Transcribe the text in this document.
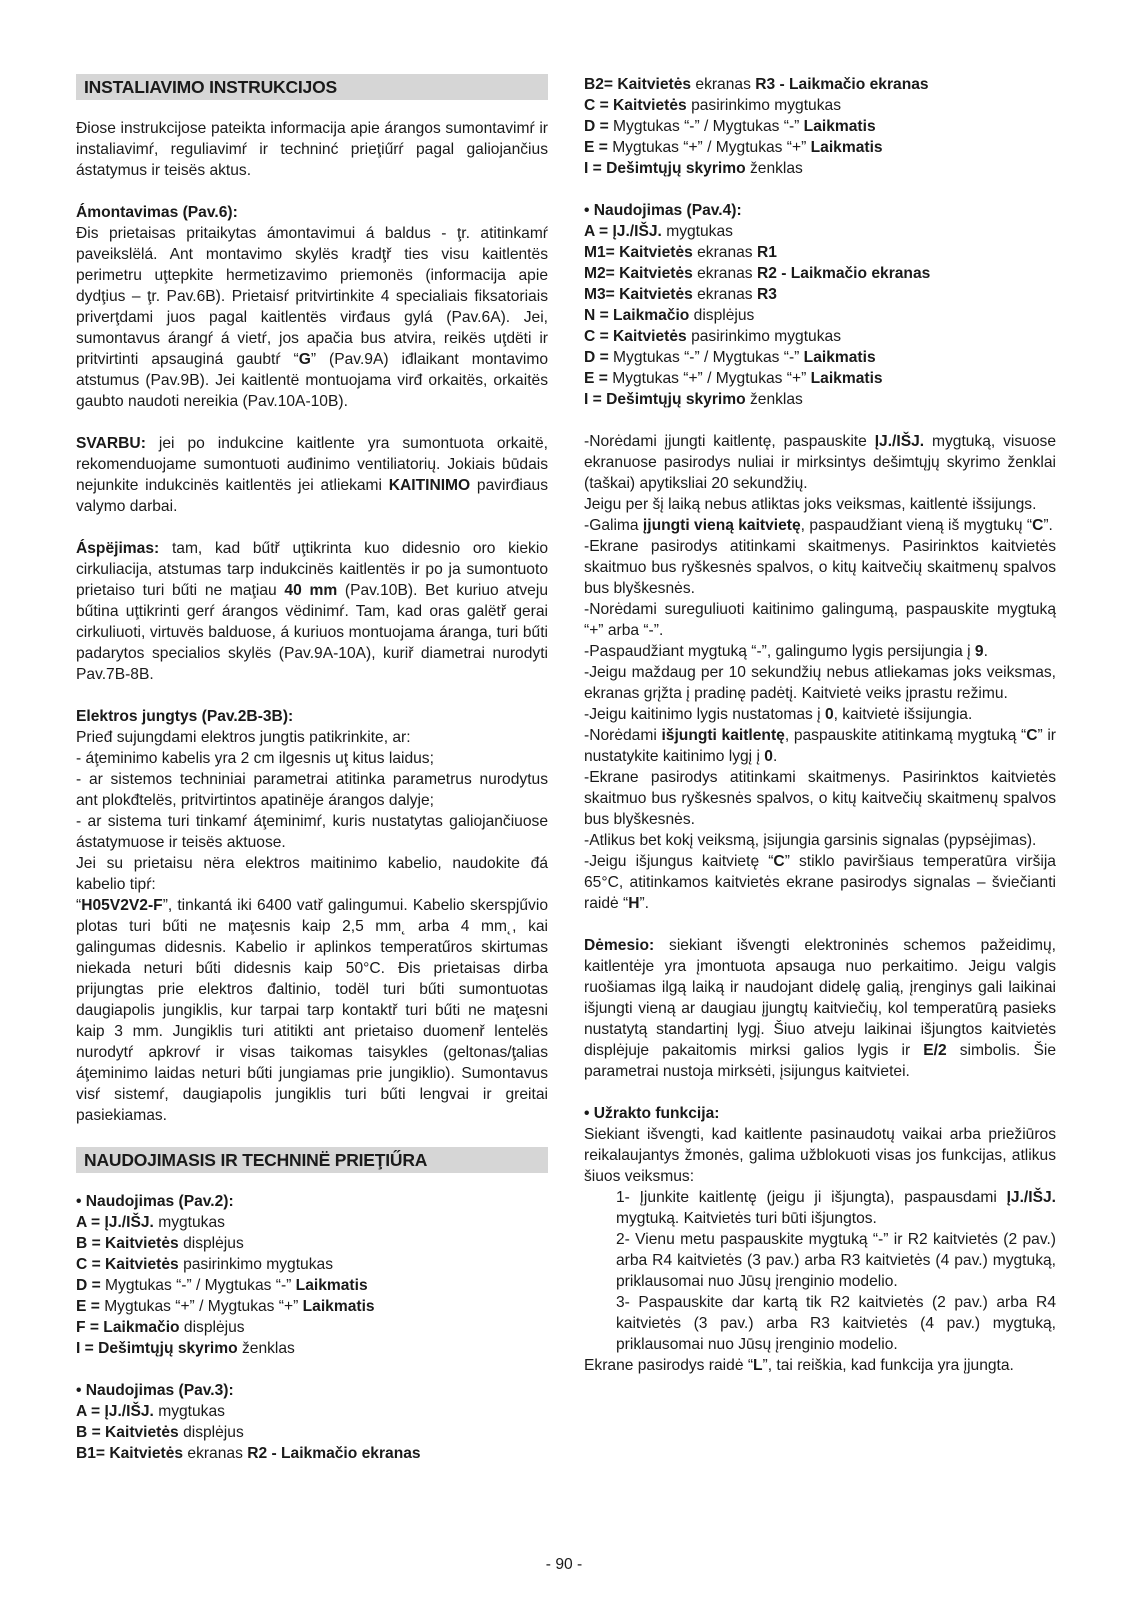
INSTALIAVIMO INSTRUKCIJOS

Điose instrukcijose pateikta informacija apie árangos sumontavimŕ ir instaliavimŕ, reguliavimŕ ir techninć prieţiűrŕ pagal galiojančius ástatymus ir teisës aktus.

Ámontavimas (Pav.6):

Đis prietaisas pritaikytas ámontavimui á baldus - ţr. atitinkamŕ paveikslëlá. Ant montavimo skylës kradţř ties visu kaitlentës perimetru uţtepkite hermetizavimo priemonës (informacija apie dydţius – ţr. Pav.6B). Prietaisŕ pritvirtinkite 4 specialiais fiksatoriais priverţdami juos pagal kaitlentës virđaus gylá (Pav.6A). Jei, sumontavus árangŕ á vietŕ, jos apačia bus atvira, reikës uţdëti ir pritvirtinti apsauginá gaubtŕ “G” (Pav.9A) iđlaikant montavimo atstumus (Pav.9B). Jei kaitlentë montuojama virđ orkaitës, orkaitës gaubto naudoti nereikia (Pav.10A-10B).

SVARBU: jei po indukcine kaitlente yra sumontuota orkaitë, rekomenduojame sumontuoti auđinimo ventiliatorių. Jokiais būdais nejunkite indukcinës kaitlentës jei atliekami KAITINIMO pavirđiaus valymo darbai.

Áspëjimas: tam, kad bűtř uţtikrinta kuo didesnio oro kiekio cirkuliacija, atstumas tarp indukcinës kaitlentës ir po ja sumontuoto prietaiso turi bűti ne maţiau 40 mm (Pav.10B). Bet kuriuo atveju bűtina uţtikrinti gerŕ árangos vëdinimŕ. Tam, kad oras galëtř gerai cirkuliuoti, virtuvës balduose, á kuriuos montuojama áranga, turi bűti padarytos specialios skylës (Pav.9A-10A), kuriř diametrai nurodyti Pav.7B-8B.

Elektros jungtys (Pav.2B-3B):

Prieđ sujungdami elektros jungtis patikrinkite, ar:

- áţeminimo kabelis yra 2 cm ilgesnis uţ kitus laidus;

- ar sistemos techniniai parametrai atitinka parametrus nurodytus ant plokđtelës, pritvirtintos apatinëje árangos dalyje;

- ar sistema turi tinkamŕ áţeminimŕ, kuris nustatytas galiojančiuose ástatymuose ir teisës aktuose.

Jei su prietaisu nëra elektros maitinimo kabelio, naudokite đá kabelio tipŕ:

“H05V2V2-F”, tinkantá iki 6400 vatř galingumui. Kabelio skerspjűvio plotas turi bűti ne maţesnis kaip 2,5 mm˛ arba 4 mm˛, kai galingumas didesnis. Kabelio ir aplinkos temperatűros skirtumas niekada neturi bűti didesnis kaip 50°C. Đis prietaisas dirba prijungtas prie elektros đaltinio, todël turi bűti sumontuotas daugiapolis jungiklis, kur tarpai tarp kontaktř turi bűti ne maţesni kaip 3 mm. Jungiklis turi atitikti ant prietaiso duomenř lentelës nurodytŕ apkrovŕ ir visas taikomas taisykles (geltonas/ţalias áţeminimo laidas neturi bűti jungiamas prie jungiklio). Sumontavus visŕ sistemŕ, daugiapolis jungiklis turi bűti lengvai ir greitai pasiekiamas.

NAUDOJIMASIS IR TECHNINË PRIEŢIŰRA
• Naudojimas (Pav.2):
A = ĮJ./IŠJ. mygtukas
B = Kaitvietės displėjus
C = Kaitvietės pasirinkimo mygtukas
D = Mygtukas “-” / Mygtukas “-” Laikmatis
E = Mygtukas “+” / Mygtukas “+” Laikmatis
F = Laikmačio displėjus
I = Dešimtųjų skyrimo ženklas
• Naudojimas (Pav.3):
A = ĮJ./IŠJ. mygtukas
B = Kaitvietės displėjus
B1= Kaitvietės ekranas R2 - Laikmačio ekranas
B2= Kaitvietės ekranas R3 - Laikmačio ekranas
C = Kaitvietės pasirinkimo mygtukas
D = Mygtukas “-” / Mygtukas “-” Laikmatis
E = Mygtukas “+” / Mygtukas “+” Laikmatis
I = Dešimtųjų skyrimo ženklas
• Naudojimas (Pav.4):
A = ĮJ./IŠJ. mygtukas
M1= Kaitvietės ekranas R1
M2= Kaitvietės ekranas R2 - Laikmačio ekranas
M3= Kaitvietės ekranas R3
N = Laikmačio displėjus
C = Kaitvietės pasirinkimo mygtukas
D = Mygtukas “-” / Mygtukas “-” Laikmatis
E = Mygtukas “+” / Mygtukas “+” Laikmatis
I = Dešimtųjų skyrimo ženklas

-Norėdami įjungti kaitlentę, paspauskite ĮJ./IŠJ. mygtuką, visuose ekranuose pasirodys nuliai ir mirksintys dešimtųjų skyrimo ženklai (taškai) apytiksliai 20 sekundžių.

Jeigu per šį laiką nebus atliktas joks veiksmas, kaitlentė išsijungs.

-Galima įjungti vieną kaitvietę, paspaudžiant vieną iš mygtukų “C”.

-Ekrane pasirodys atitinkami skaitmenys. Pasirinktos kaitvietės skaitmuo bus ryškesnės spalvos, o kitų kaitvečių skaitmenų spalvos bus blyškesnės.

-Norėdami sureguliuoti kaitinimo galingumą, paspauskite mygtuką “+” arba “-”.

-Paspaudžiant mygtuką “-”, galingumo lygis persijungia į 9.

-Jeigu maždaug per 10 sekundžių nebus atliekamas joks veiksmas, ekranas grįžta į pradinę padėtį. Kaitvietė veiks įprastu režimu.

-Jeigu kaitinimo lygis nustatomas į 0, kaitvietė išsijungia.

-Norėdami išjungti kaitlentę, paspauskite atitinkamą mygtuką “C” ir nustatykite kaitinimo lygį į 0.

-Ekrane pasirodys atitinkami skaitmenys. Pasirinktos kaitvietės skaitmuo bus ryškesnės spalvos, o kitų kaitvečių skaitmenų spalvos bus blyškesnės.

-Atlikus bet kokį veiksmą, įsijungia garsinis signalas (pypsėjimas).

-Jeigu išjungus kaitvietę “C” stiklo paviršiaus temperatūra viršija 65°C, atitinkamos kaitvietės ekrane pasirodys signalas – šviečianti raidė “H”.

Dėmesio: siekiant išvengti elektroninės schemos pažeidimų, kaitlentėje yra įmontuota apsauga nuo perkaitimo. Jeigu valgis ruošiamas ilgą laiką ir naudojant didelę galią, įrenginys gali laikinai išjungti vieną ar daugiau įjungtų kaitviečių, kol temperatūrą pasieks nustatytą standartinį lygį. Šiuo atveju laikinai išjungtos kaitvietės displėjuje pakaitomis mirksi galios lygis ir E/2 simbolis. Šie parametrai nustoja mirksėti, įsijungus kaitvietei.

• Užrakto funkcija:

Siekiant išvengti, kad kaitlente pasinaudotų vaikai arba priežiūros reikalaujantys žmonės, galima užblokuoti visas jos funkcijas, atlikus šiuos veiksmus:

1- Įjunkite kaitlentę (jeigu ji išjungta), paspausdami ĮJ./IŠJ. mygtuką. Kaitvietės turi būti išjungtos.

2- Vienu metu paspauskite mygtuką “-” ir R2 kaitvietės (2 pav.) arba R4 kaitvietės (3 pav.) arba R3 kaitvietės (4 pav.) mygtuką, priklausomai nuo Jūsų įrenginio modelio.

3- Paspauskite dar kartą tik R2 kaitvietės (2 pav.) arba R4 kaitvietės (3 pav.) arba R3 kaitvietės (4 pav.) mygtuką, priklausomai nuo Jūsų įrenginio modelio.

Ekrane pasirodys raidė “L”, tai reiškia, kad funkcija yra įjungta.

- 90 -
